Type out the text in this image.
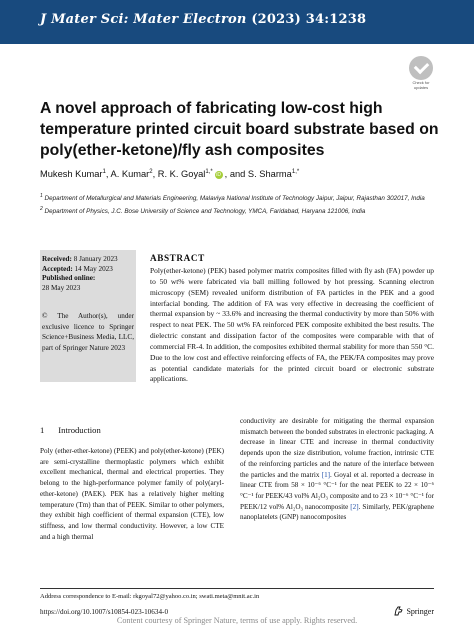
J Mater Sci: Mater Electron (2023) 34:1238
Check for
updates
A novel approach of fabricating low-cost high temperature printed circuit board substrate based on poly(ether-ketone)/fly ash composites
Mukesh Kumar$^1$, A. Kumar$^2$, R. K. Goyal$^{1,*}$ iD , and S. Sharma$^{1,*}$
$^1$ Department of Metallurgical and Materials Engineering, Malaviya National Institute of Technology Jaipur, Jaipur, Rajasthan 302017, India
$^2$ Department of Physics, J.C. Bose University of Science and Technology, YMCA, Faridabad, Haryana 121006, India
Received: 8 January 2023
Accepted: 14 May 2023
Published online:
28 May 2023
© The Author(s), under exclusive licence to Springer Science+Business Media, LLC, part of Springer Nature 2023
ABSTRACT
Poly(ether-ketone) (PEK) based polymer matrix composites filled with fly ash (FA) powder up to 50 wt% were fabricated via ball milling followed by hot pressing. Scanning electron microscopy (SEM) revealed uniform distribution of FA particles in the PEK and a good interfacial bonding. The addition of FA was very effective in decreasing the coefficient of thermal expansion by ~ 33.6% and increasing the thermal conductivity by more than 50% with respect to neat PEK. The 50 wt% FA reinforced PEK composite exhibited the best results. The dielectric constant and dissipation factor of the composites were comparable with that of commercial FR-4. In addition, the composites exhibited thermal stability for more than 550 °C. Due to the low cost and effective reinforcing effects of FA, the PEK/FA composites may prove as potential candidate materials for the printed circuit board or electronic substrate applications.
1 Introduction
Poly (ether-ether-ketone) (PEEK) and poly(ether-ketone) (PEK) are semi-crystalline thermoplastic polymers which exhibit excellent mechanical, thermal and electrical properties. They belong to the high-performance polymer family of poly(aryl-ether-ketone) (PAEK). PEK has a relatively higher melting temperature (Tm) than that of PEEK. Similar to other polymers, they exhibit high coefficient of thermal expansion (CTE), low stiffness, and low thermal conductivity. However, a low CTE and a high thermal
conductivity are desirable for mitigating the thermal expansion mismatch between the bonded substrates in electronic packaging. A decrease in linear CTE and increase in thermal conductivity depends upon the size distribution, volume fraction, intrinsic CTE of the reinforcing particles and the nature of the interface between the particles and the matrix [1]. Goyal et al. reported a decrease in linear CTE from 58 × 10⁻⁶ °C⁻¹ for the neat PEEK to 22 × 10⁻⁶ °C⁻¹ for PEEK/43 vol% Al₂O₃ composite and to 23 × 10⁻⁶ °C⁻¹ for PEEK/12 vol% Al₂O₃ nanocomposite [2]. Similarly, PEK/graphene nanoplatelets (GNP) nanocomposites
Address correspondence to E-mail: rkgoyal72@yahoo.co.in; swati.meta@mnit.ac.in
https://doi.org/10.1007/s10854-023-10634-0	Springer
Content courtesy of Springer Nature, terms of use apply. Rights reserved.
